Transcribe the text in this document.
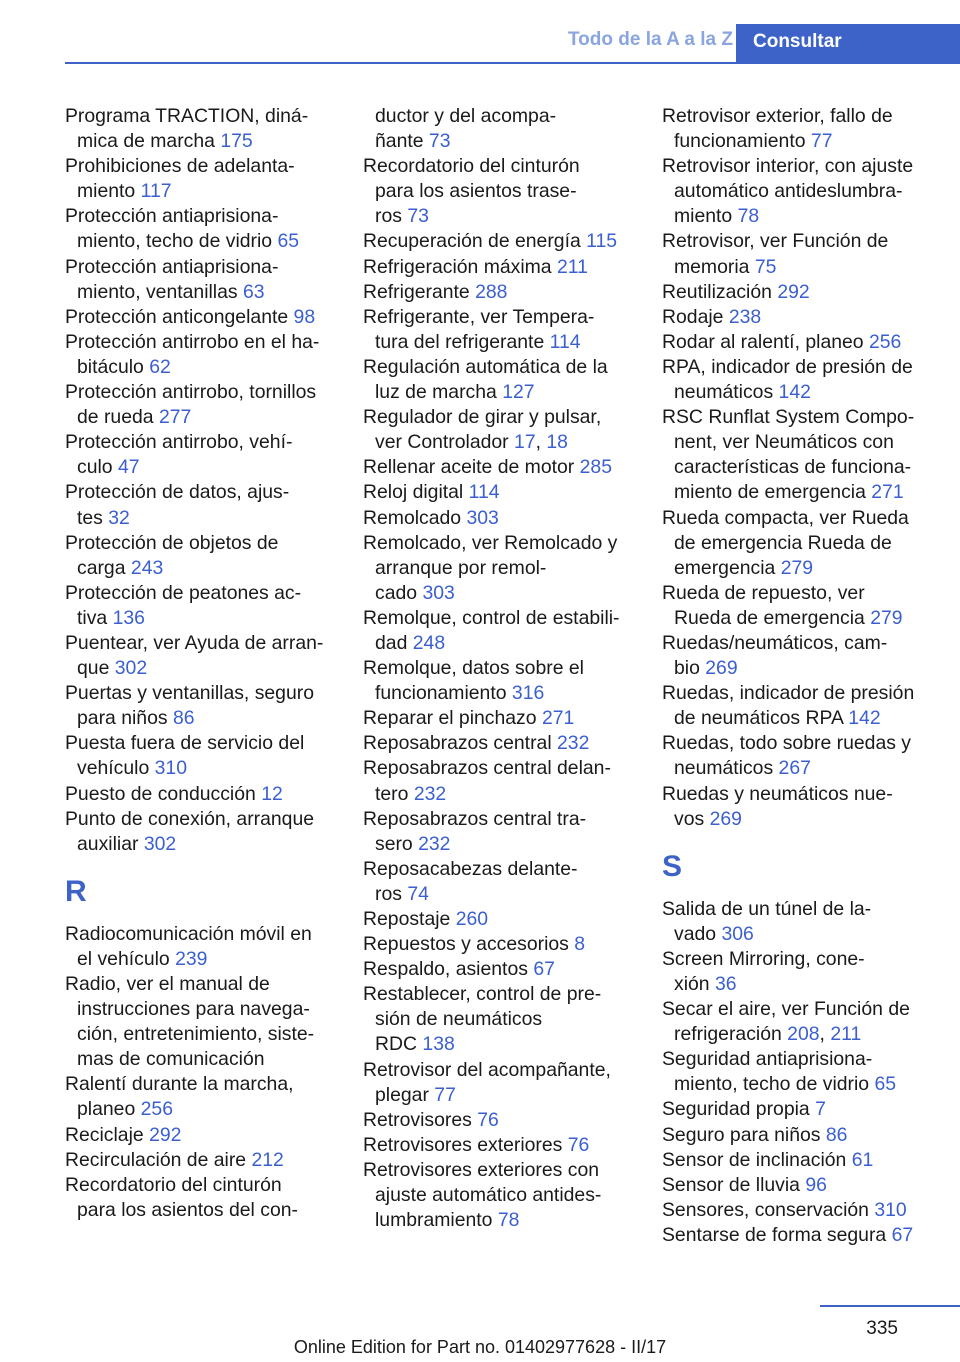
Todo de la A a la Z	Consultar
Programa TRACTION, diná-
mica de marcha 175
Prohibiciones de adelanta-
miento 117
Protección antiaprisiona-
miento, techo de vidrio 65
Protección antiaprisiona-
miento, ventanillas 63
Protección anticongelante 98
Protección antirrobo en el ha-
bitáculo 62
Protección antirrobo, tornillos
de rueda 277
Protección antirrobo, vehí-
culo 47
Protección de datos, ajus-
tes 32
Protección de objetos de
carga 243
Protección de peatones ac-
tiva 136
Puentear, ver Ayuda de arran-
que 302
Puertas y ventanillas, seguro
para niños 86
Puesta fuera de servicio del
vehículo 310
Puesto de conducción 12
Punto de conexión, arranque
auxiliar 302
R
Radiocomunicación móvil en
el vehículo 239
Radio, ver el manual de
instrucciones para navega-
ción, entretenimiento, siste-
mas de comunicación
Ralentí durante la marcha,
planeo 256
Reciclaje 292
Recirculación de aire 212
Recordatorio del cinturón
para los asientos del con-
ductor y del acompa-
ñante 73
Recordatorio del cinturón
para los asientos trase-
ros 73
Recuperación de energía 115
Refrigeración máxima 211
Refrigerante 288
Refrigerante, ver Tempera-
tura del refrigerante 114
Regulación automática de la
luz de marcha 127
Regulador de girar y pulsar,
ver Controlador 17, 18
Rellenar aceite de motor 285
Reloj digital 114
Remolcado 303
Remolcado, ver Remolcado y
arranque por remol-
cado 303
Remolque, control de estabili-
dad 248
Remolque, datos sobre el
funcionamiento 316
Reparar el pinchazo 271
Reposabrazos central 232
Reposabrazos central delan-
tero 232
Reposabrazos central tra-
sero 232
Reposacabezas delante-
ros 74
Repostaje 260
Repuestos y accesorios 8
Respaldo, asientos 67
Restablecer, control de pre-
sión de neumáticos
RDC 138
Retrovisor del acompañante,
plegar 77
Retrovisores 76
Retrovisores exteriores 76
Retrovisores exteriores con
ajuste automático antides-
lumbramiento 78
Retrovisor exterior, fallo de
funcionamiento 77
Retrovisor interior, con ajuste
automático antideslumbra-
miento 78
Retrovisor, ver Función de
memoria 75
Reutilización 292
Rodaje 238
Rodar al ralentí, planeo 256
RPA, indicador de presión de
neumáticos 142
RSC Runflat System Compo-
nent, ver Neumáticos con
características de funciona-
miento de emergencia 271
Rueda compacta, ver Rueda
de emergencia Rueda de
emergencia 279
Rueda de repuesto, ver
Rueda de emergencia 279
Ruedas/neumáticos, cam-
bio 269
Ruedas, indicador de presión
de neumáticos RPA 142
Ruedas, todo sobre ruedas y
neumáticos 267
Ruedas y neumáticos nue-
vos 269
S
Salida de un túnel de la-
vado 306
Screen Mirroring, cone-
xión 36
Secar el aire, ver Función de
refrigeración 208, 211
Seguridad antiaprisiona-
miento, techo de vidrio 65
Seguridad propia 7
Seguro para niños 86
Sensor de inclinación 61
Sensor de lluvia 96
Sensores, conservación 310
Sentarse de forma segura 67
335
Online Edition for Part no. 01402977628 - II/17
